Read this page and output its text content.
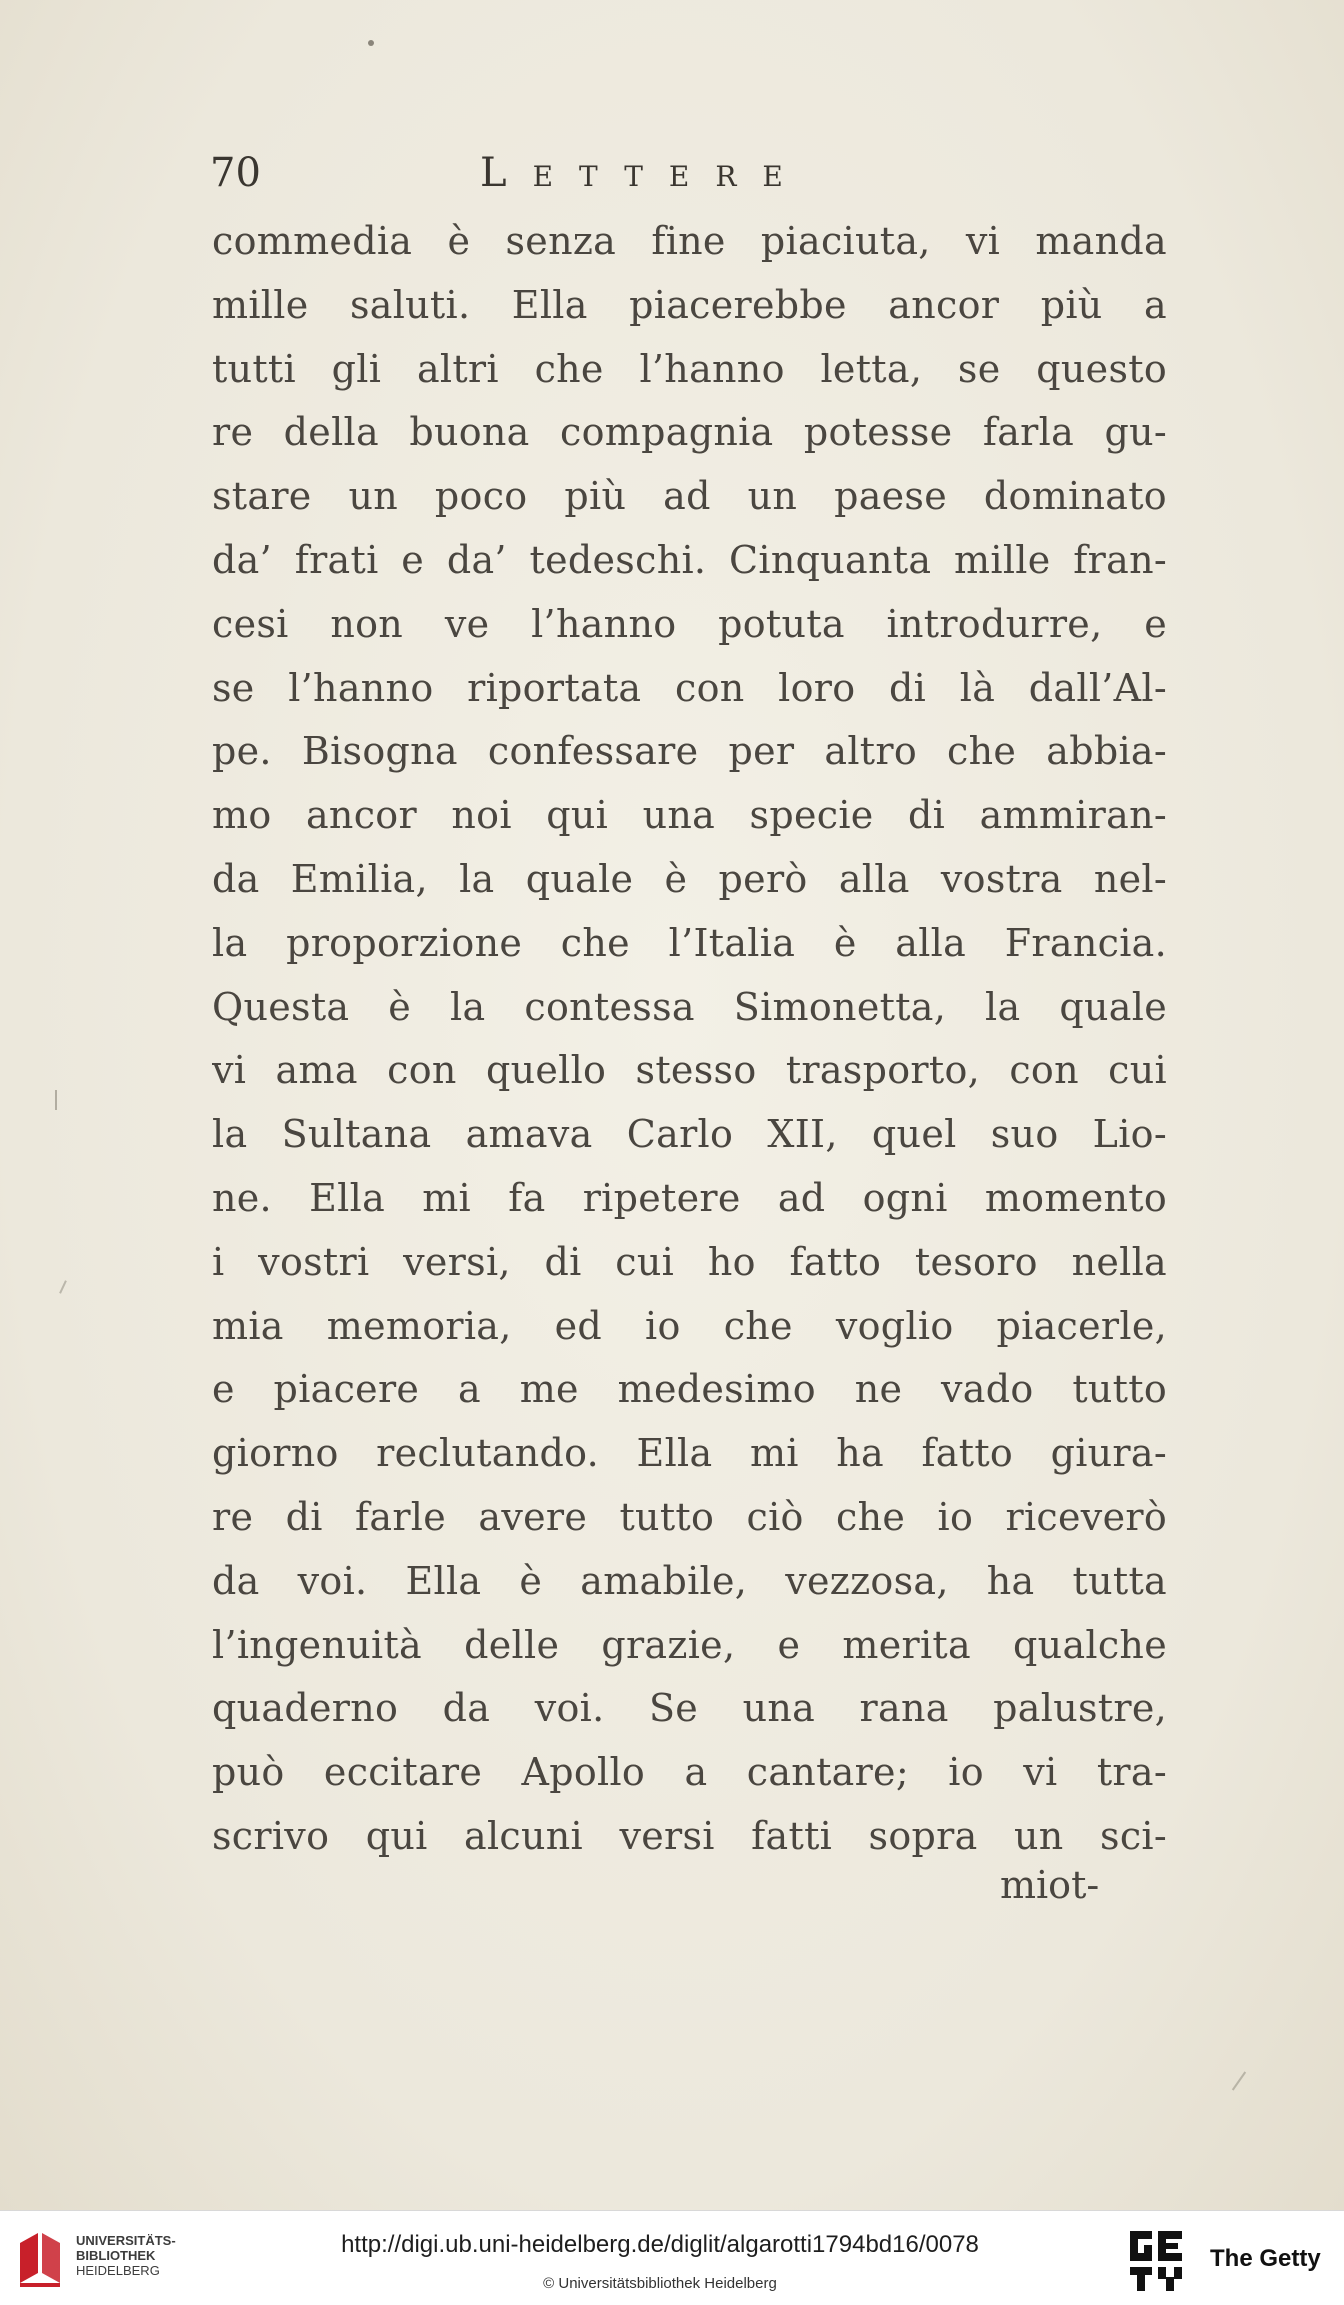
70	Lettere
commedia è senza fine piaciuta, vi manda
mille saluti. Ella piacerebbe ancor più a
tutti gli altri che l’hanno letta, se questo
re della buona compagnia potesse farla gu-
stare un poco più ad un paese dominato
da’ frati e da’ tedeschi. Cinquanta mille fran-
cesi non ve l’hanno potuta introdurre, e
se l’hanno riportata con loro di là dall’Al-
pe. Bisogna confessare per altro che abbia-
mo ancor noi qui una specie di ammiran-
da Emilia, la quale è però alla vostra nel-
la proporzione che l’Italia è alla Francia.
Questa è la contessa Simonetta, la quale
vi ama con quello stesso trasporto, con cui
la Sultana amava Carlo XII, quel suo Lio-
ne. Ella mi fa ripetere ad ogni momento
i vostri versi, di cui ho fatto tesoro nella
mia memoria, ed io che voglio piacerle,
e piacere a me medesimo ne vado tutto
giorno reclutando. Ella mi ha fatto giura-
re di farle avere tutto ciò che io riceverò
da voi. Ella è amabile, vezzosa, ha tutta
l’ingenuità delle grazie, e merita qualche
quaderno da voi. Se una rana palustre,
può eccitare Apollo a cantare; io vi tra-
scrivo qui alcuni versi fatti sopra un sci-
miot-
UNIVERSITÄTS-
BIBLIOTHEK
HEIDELBERG
http://digi.ub.uni-heidelberg.de/diglit/algarotti1794bd16/0078
© Universitätsbibliothek Heidelberg
The Getty
